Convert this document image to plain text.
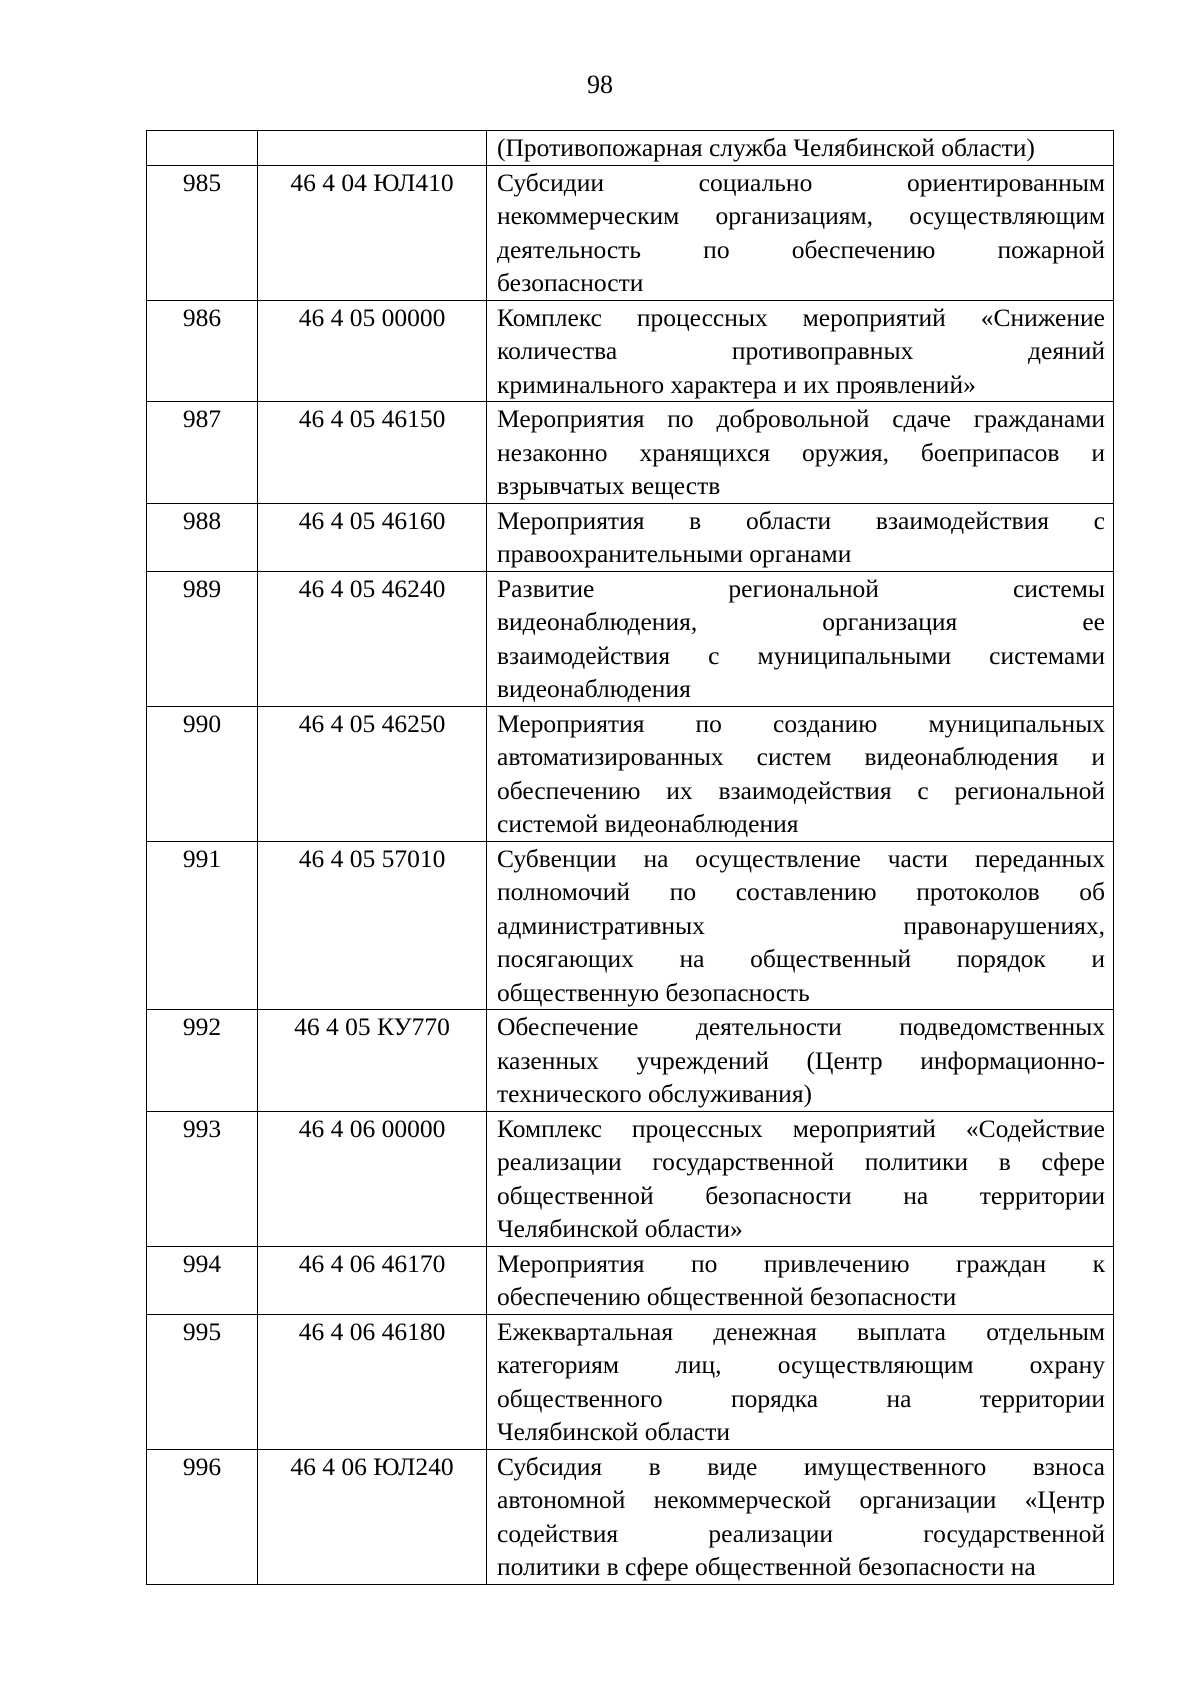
98

		(Противопожарная служба Челябинской области)

985	46 4 04 ЮЛ410	Субсидии социально ориентированным
некоммерческим организациям, осуществляющим
деятельность по обеспечению пожарной
безопасности

986	46 4 05 00000	Комплекс процессных мероприятий «Снижение
количества противоправных деяний
криминального характера и их проявлений»

987	46 4 05 46150	Мероприятия по добровольной сдаче гражданами
незаконно хранящихся оружия, боеприпасов и
взрывчатых веществ

988	46 4 05 46160	Мероприятия в области взаимодействия с
правоохранительными органами

989	46 4 05 46240	Развитие региональной системы
видеонаблюдения, организация ее
взаимодействия с муниципальными системами
видеонаблюдения

990	46 4 05 46250	Мероприятия по созданию муниципальных
автоматизированных систем видеонаблюдения и
обеспечению их взаимодействия с региональной
системой видеонаблюдения

991	46 4 05 57010	Субвенции на осуществление части переданных
полномочий по составлению протоколов об
административных правонарушениях,
посягающих на общественный порядок и
общественную безопасность

992	46 4 05 КУ770	Обеспечение деятельности подведомственных
казенных учреждений (Центр информационно-
технического обслуживания)

993	46 4 06 00000	Комплекс процессных мероприятий «Содействие
реализации государственной политики в сфере
общественной безопасности на территории
Челябинской области»

994	46 4 06 46170	Мероприятия по привлечению граждан к
обеспечению общественной безопасности

995	46 4 06 46180	Ежеквартальная денежная выплата отдельным
категориям лиц, осуществляющим охрану
общественного порядка на территории
Челябинской области

996	46 4 06 ЮЛ240	Субсидия в виде имущественного взноса
автономной некоммерческой организации «Центр
содействия реализации государственной
политики в сфере общественной безопасности на
